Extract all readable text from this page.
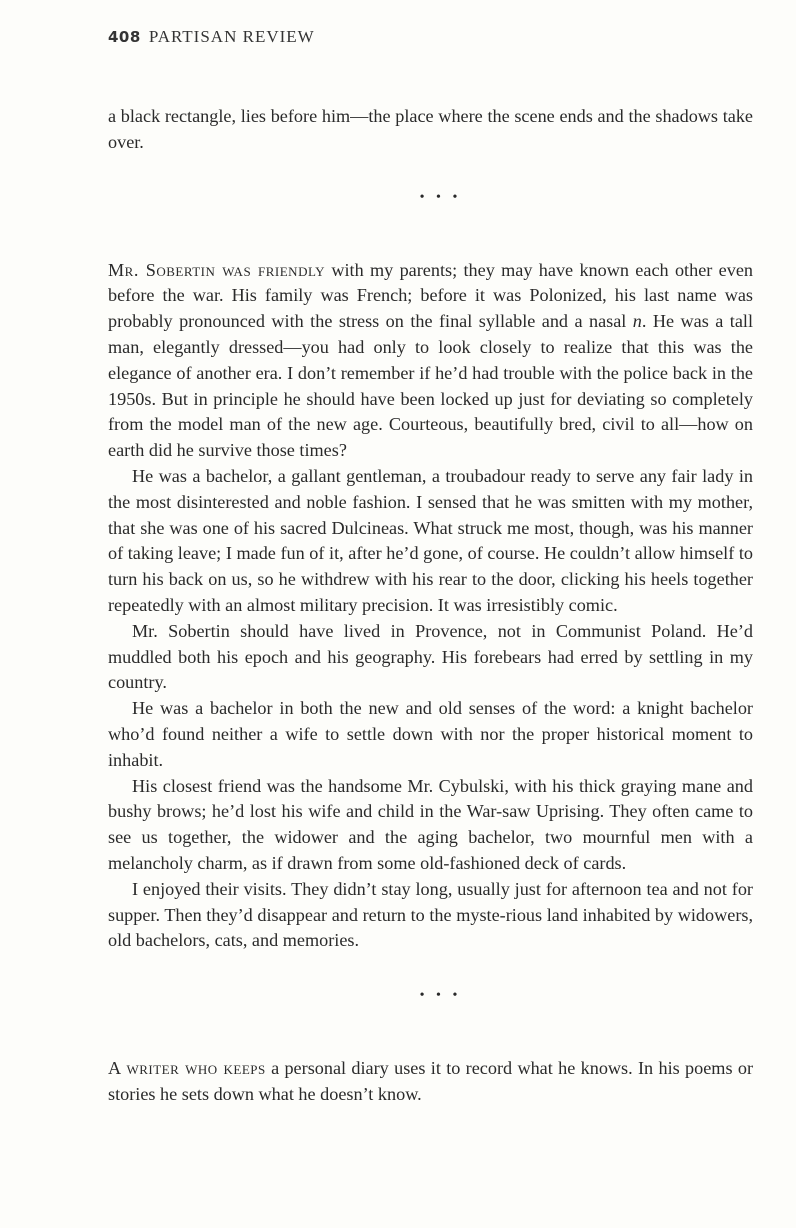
408 PARTISAN REVIEW

a black rectangle, lies before him—the place where the scene ends and the shadows take over.

• • •

Mr. Sobertin was friendly with my parents; they may have known each other even before the war. His family was French; before it was Polonized, his last name was probably pronounced with the stress on the final syllable and a nasal n. He was a tall man, elegantly dressed—you had only to look closely to realize that this was the elegance of another era. I don’t remember if he’d had trouble with the police back in the 1950s. But in principle he should have been locked up just for deviating so completely from the model man of the new age. Courteous, beautifully bred, civil to all—how on earth did he survive those times?

He was a bachelor, a gallant gentleman, a troubadour ready to serve any fair lady in the most disinterested and noble fashion. I sensed that he was smitten with my mother, that she was one of his sacred Dulcineas. What struck me most, though, was his manner of taking leave; I made fun of it, after he’d gone, of course. He couldn’t allow himself to turn his back on us, so he withdrew with his rear to the door, clicking his heels together repeatedly with an almost military precision. It was irresistibly comic.

Mr. Sobertin should have lived in Provence, not in Communist Poland. He’d muddled both his epoch and his geography. His forebears had erred by settling in my country.

He was a bachelor in both the new and old senses of the word: a knight bachelor who’d found neither a wife to settle down with nor the proper historical moment to inhabit.

His closest friend was the handsome Mr. Cybulski, with his thick graying mane and bushy brows; he’d lost his wife and child in the War-saw Uprising. They often came to see us together, the widower and the aging bachelor, two mournful men with a melancholy charm, as if drawn from some old-fashioned deck of cards.

I enjoyed their visits. They didn’t stay long, usually just for afternoon tea and not for supper. Then they’d disappear and return to the myste-rious land inhabited by widowers, old bachelors, cats, and memories.

• • •

A writer who keeps a personal diary uses it to record what he knows. In his poems or stories he sets down what he doesn’t know.
